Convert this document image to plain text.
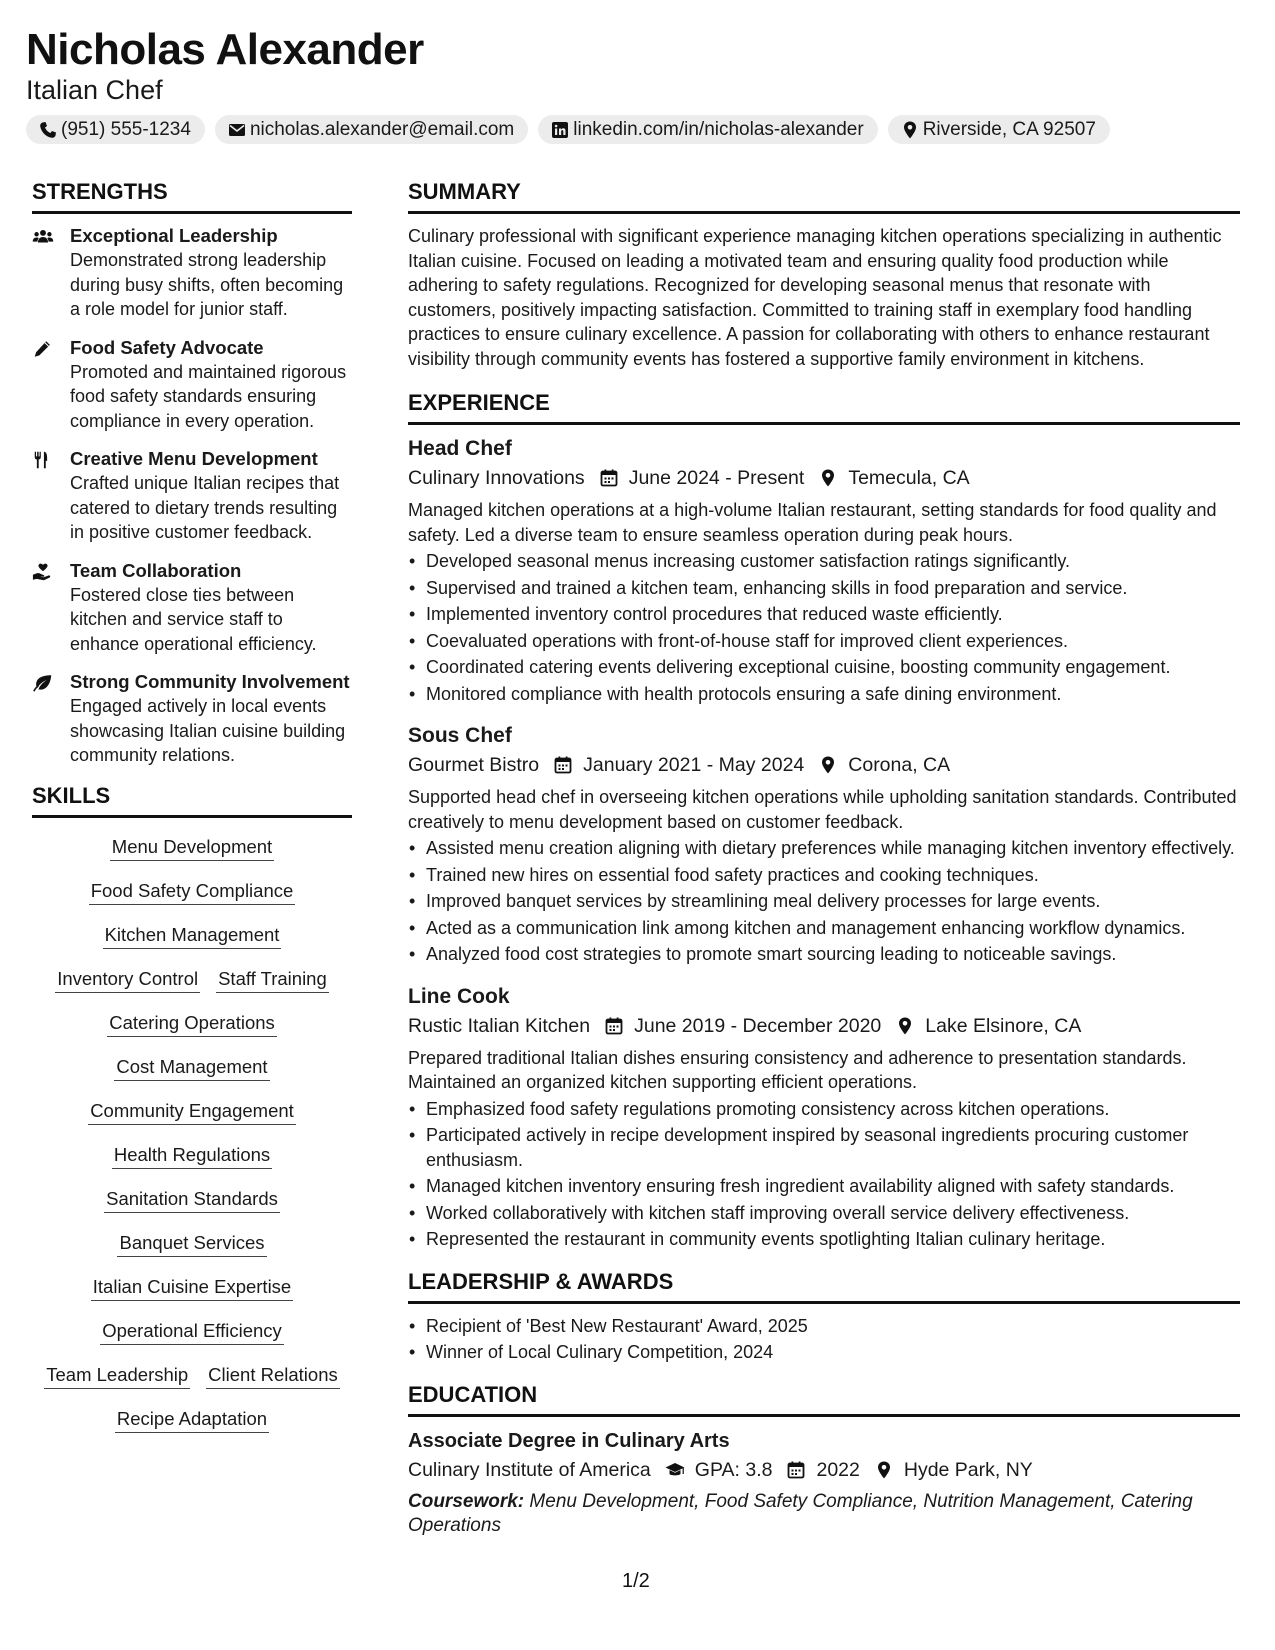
Nicholas Alexander
Italian Chef
(951) 555-1234	nicholas.alexander@email.com	linkedin.com/in/nicholas-alexander	Riverside, CA 92507
STRENGTHS
Exceptional Leadership
Demonstrated strong leadership during busy shifts, often becoming a role model for junior staff.
Food Safety Advocate
Promoted and maintained rigorous food safety standards ensuring compliance in every operation.
Creative Menu Development
Crafted unique Italian recipes that catered to dietary trends resulting in positive customer feedback.
Team Collaboration
Fostered close ties between kitchen and service staff to enhance operational efficiency.
Strong Community Involvement
Engaged actively in local events showcasing Italian cuisine building community relations.
SKILLS
Menu Development
Food Safety Compliance
Kitchen Management
Inventory Control Staff Training
Catering Operations
Cost Management
Community Engagement
Health Regulations
Sanitation Standards
Banquet Services
Italian Cuisine Expertise
Operational Efficiency
Team Leadership Client Relations
Recipe Adaptation
SUMMARY
Culinary professional with significant experience managing kitchen operations specializing in authentic Italian cuisine. Focused on leading a motivated team and ensuring quality food production while adhering to safety regulations. Recognized for developing seasonal menus that resonate with customers, positively impacting satisfaction. Committed to training staff in exemplary food handling practices to ensure culinary excellence. A passion for collaborating with others to enhance restaurant visibility through community events has fostered a supportive family environment in kitchens.
EXPERIENCE
Head Chef
Culinary Innovations June 2024 - Present Temecula, CA
Managed kitchen operations at a high-volume Italian restaurant, setting standards for food quality and safety. Led a diverse team to ensure seamless operation during peak hours.
• Developed seasonal menus increasing customer satisfaction ratings significantly.
• Supervised and trained a kitchen team, enhancing skills in food preparation and service.
• Implemented inventory control procedures that reduced waste efficiently.
• Coevaluated operations with front-of-house staff for improved client experiences.
• Coordinated catering events delivering exceptional cuisine, boosting community engagement.
• Monitored compliance with health protocols ensuring a safe dining environment.
Sous Chef
Gourmet Bistro January 2021 - May 2024 Corona, CA
Supported head chef in overseeing kitchen operations while upholding sanitation standards. Contributed creatively to menu development based on customer feedback.
• Assisted menu creation aligning with dietary preferences while managing kitchen inventory effectively.
• Trained new hires on essential food safety practices and cooking techniques.
• Improved banquet services by streamlining meal delivery processes for large events.
• Acted as a communication link among kitchen and management enhancing workflow dynamics.
• Analyzed food cost strategies to promote smart sourcing leading to noticeable savings.
Line Cook
Rustic Italian Kitchen June 2019 - December 2020 Lake Elsinore, CA
Prepared traditional Italian dishes ensuring consistency and adherence to presentation standards. Maintained an organized kitchen supporting efficient operations.
• Emphasized food safety regulations promoting consistency across kitchen operations.
• Participated actively in recipe development inspired by seasonal ingredients procuring customer enthusiasm.
• Managed kitchen inventory ensuring fresh ingredient availability aligned with safety standards.
• Worked collaboratively with kitchen staff improving overall service delivery effectiveness.
• Represented the restaurant in community events spotlighting Italian culinary heritage.
LEADERSHIP & AWARDS
• Recipient of 'Best New Restaurant' Award, 2025
• Winner of Local Culinary Competition, 2024
EDUCATION
Associate Degree in Culinary Arts
Culinary Institute of America GPA: 3.8 2022 Hyde Park, NY
Coursework: Menu Development, Food Safety Compliance, Nutrition Management, Catering Operations
1/2
